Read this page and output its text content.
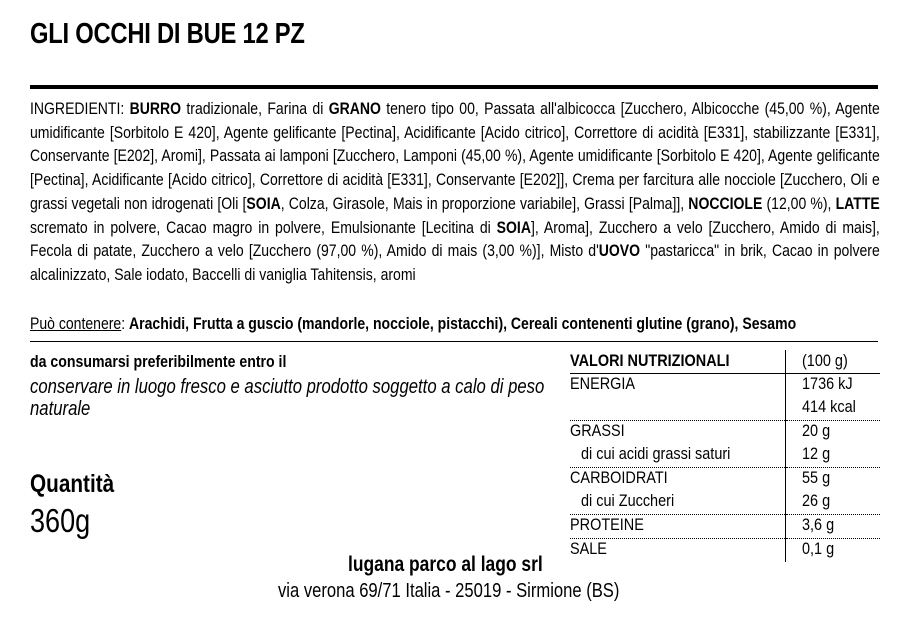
GLI OCCHI DI BUE 12 PZ
INGREDIENTI: BURRO tradizionale, Farina di GRANO tenero tipo 00, Passata all'albicocca [Zucchero, Albicocche (45,00 %), Agente umidificante [Sorbitolo E 420], Agente gelificante [Pectina], Acidificante [Acido citrico], Correttore di acidità [E331], stabilizzante [E331], Conservante [E202], Aromi], Passata ai lamponi [Zucchero, Lamponi (45,00 %), Agente umidificante [Sorbitolo E 420], Agente gelificante [Pectina], Acidificante [Acido citrico], Correttore di acidità [E331], Conservante [E202]], Crema per farcitura alle nocciole [Zucchero, Oli e grassi vegetali non idrogenati [Oli [SOIA, Colza, Girasole, Mais in proporzione variabile], Grassi [Palma]], NOCCIOLE (12,00 %), LATTE scremato in polvere, Cacao magro in polvere, Emulsionante [Lecitina di SOIA], Aroma], Zucchero a velo [Zucchero, Amido di mais], Fecola di patate, Zucchero a velo [Zucchero (97,00 %), Amido di mais (3,00 %)], Misto d'UOVO "pastaricca" in brik, Cacao in polvere alcalinizzato, Sale iodato, Baccelli di vaniglia Tahitensis, aromi
Può contenere: Arachidi, Frutta a guscio (mandorle, nocciole, pistacchi), Cereali contenenti glutine (grano), Sesamo
da consumarsi preferibilmente entro il
conservare in luogo fresco e asciutto prodotto soggetto a calo di peso naturale
Quantità
360g
lugana parco al lago srl
via verona 69/71 Italia - 25019 - Sirmione (BS)
VALORI NUTRIZIONALI	(100 g)
ENERGIA	1736 kJ
	414 kcal
GRASSI	20 g
di cui acidi grassi saturi	12 g
CARBOIDRATI	55 g
di cui Zuccheri	26 g
PROTEINE	3,6 g
SALE	0,1 g
